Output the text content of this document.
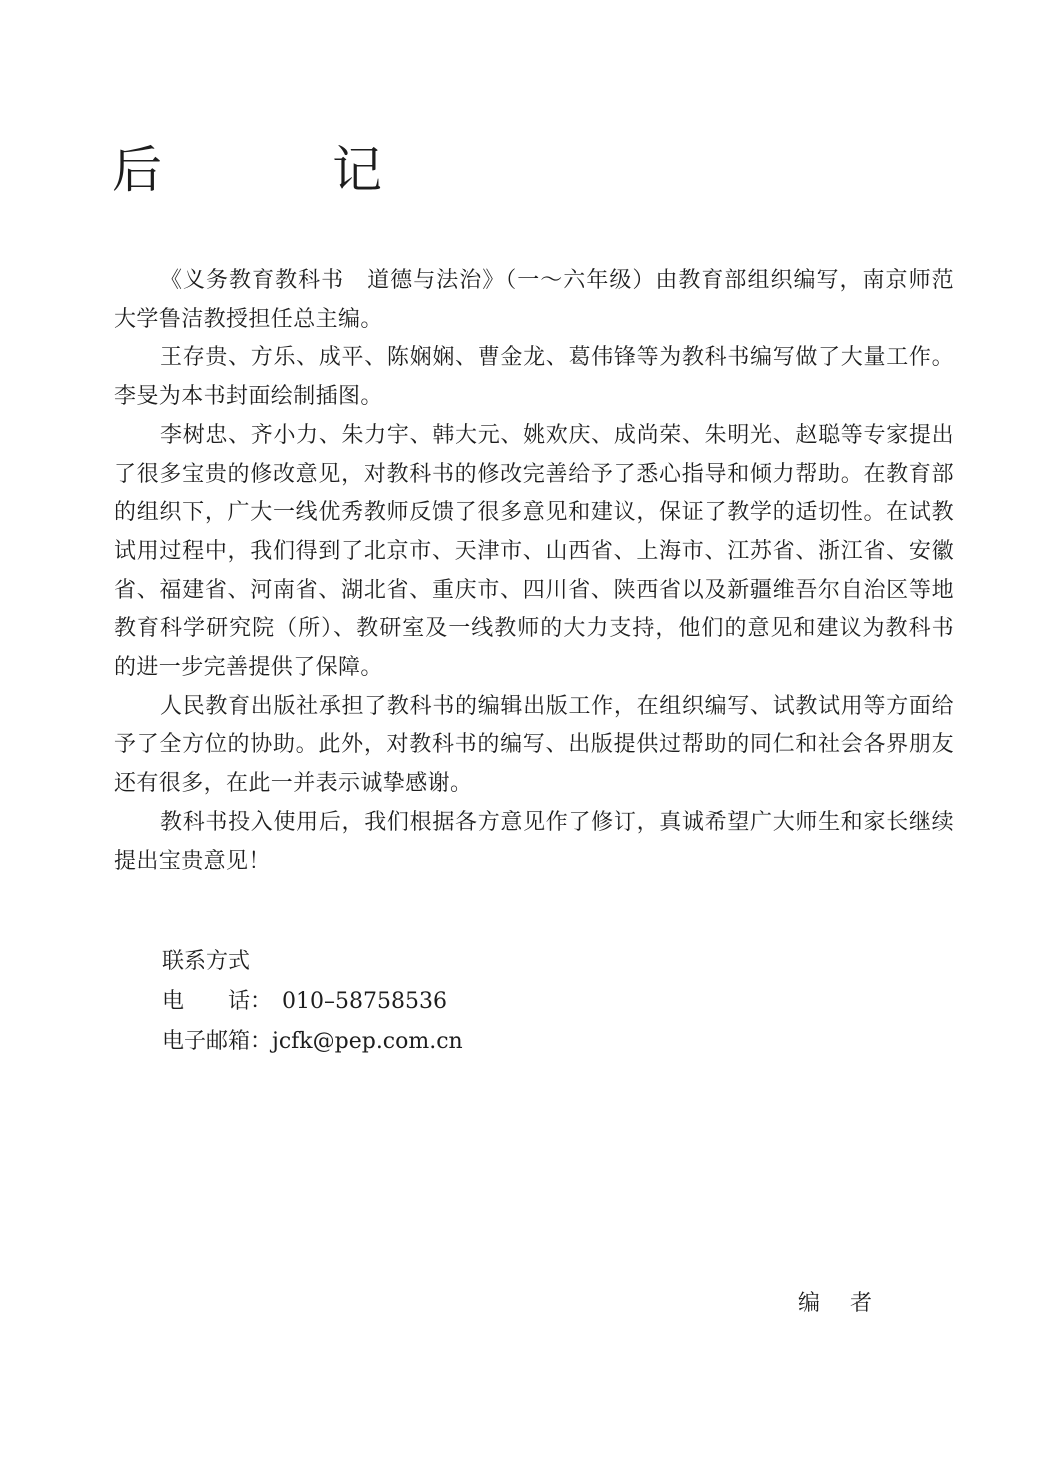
后　记

《义务教育教科书　道德与法治》（一～六年级）由教育部组织编写，南京师范大学鲁洁教授担任总主编。

王存贵、方乐、成平、陈娴娴、曹金龙、葛伟锋等为教科书编写做了大量工作。李旻为本书封面绘制插图。

李树忠、齐小力、朱力宇、韩大元、姚欢庆、成尚荣、朱明光、赵聪等专家提出了很多宝贵的修改意见，对教科书的修改完善给予了悉心指导和倾力帮助。在教育部的组织下，广大一线优秀教师反馈了很多意见和建议，保证了教学的适切性。在试教试用过程中，我们得到了北京市、天津市、山西省、上海市、江苏省、浙江省、安徽省、福建省、河南省、湖北省、重庆市、四川省、陕西省以及新疆维吾尔自治区等地教育科学研究院（所）、教研室及一线教师的大力支持，他们的意见和建议为教科书的进一步完善提供了保障。

人民教育出版社承担了教科书的编辑出版工作，在组织编写、试教试用等方面给予了全方位的协助。此外，对教科书的编写、出版提供过帮助的同仁和社会各界朋友还有很多，在此一并表示诚挚感谢。

教科书投入使用后，我们根据各方意见作了修订，真诚希望广大师生和家长继续提出宝贵意见！

联系方式
电　　话： 010–58758536
电子邮箱：jcfk@pep.com.cn
编　者
